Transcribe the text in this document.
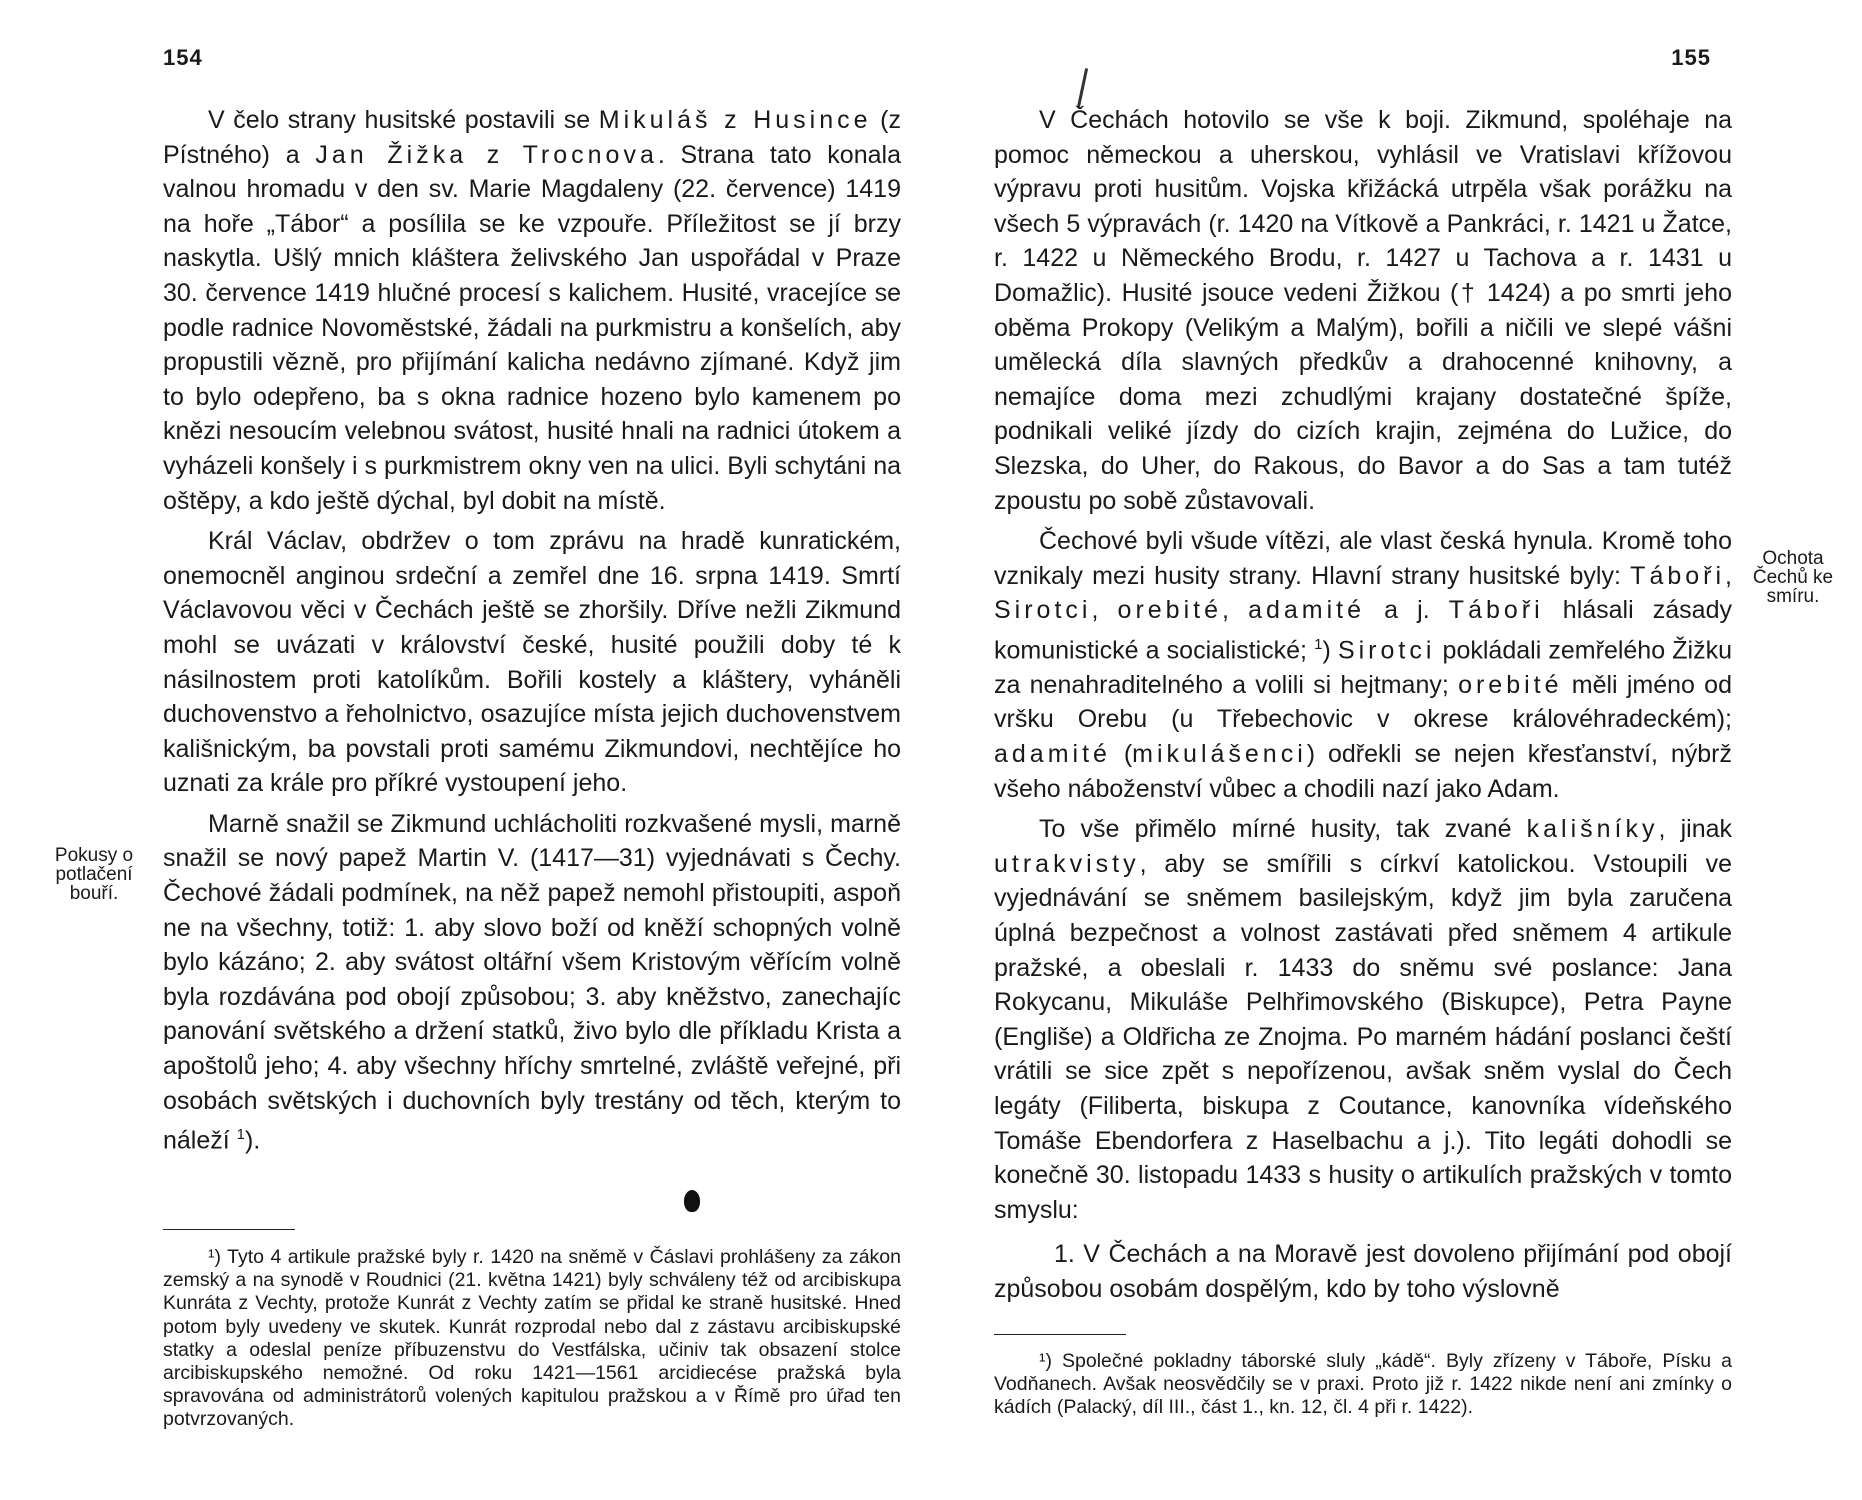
154

V čelo strany husitské postavili se Mikuláš z Husince (z Pístného) a Jan Žižka z Trocnova. Strana tato konala valnou hromadu v den sv. Marie Magdaleny (22. července) 1419 na hoře „Tábor“ a posílila se ke vzpouře. Příležitost se jí brzy naskytla. Ušlý mnich kláštera želivského Jan uspořádal v Praze 30. července 1419 hlučné procesí s kalichem. Husité, vracejíce se podle radnice Novoměstské, žádali na purkmistru a konšelích, aby propustili vězně, pro přijímání kalicha nedávno zjímané. Když jim to bylo odepřeno, ba s okna radnice hozeno bylo kamenem po knězi nesoucím velebnou svátost, husité hnali na radnici útokem a vyházeli konšely i s purkmistrem okny ven na ulici. Byli schytáni na oštěpy, a kdo ještě dýchal, byl dobit na místě.

Král Václav, obdržev o tom zprávu na hradě kunratickém, onemocněl anginou srdeční a zemřel dne 16. srpna 1419. Smrtí Václavovou věci v Čechách ještě se zhoršily. Dříve nežli Zikmund mohl se uvázati v království české, husité použili doby té k násilnostem proti katolíkům. Bořili kostely a kláštery, vyháněli duchovenstvo a řeholnictvo, osazujíce místa jejich duchovenstvem kališnickým, ba povstali proti samému Zikmundovi, nechtějíce ho uznati za krále pro příkré vystoupení jeho.

Marně snažil se Zikmund uchlácholiti rozkvašené mysli, marně snažil se nový papež Martin V. (1417—31) vyjednávati s Čechy. Čechové žádali podmínek, na něž papež nemohl přistoupiti, aspoň ne na všechny, totiž: 1. aby slovo boží od kněží schopných volně bylo kázáno; 2. aby svátost oltářní všem Kristovým věřícím volně byla rozdávána pod obojí způsobou; 3. aby kněžstvo, zanechajíc panování světského a držení statků, živo bylo dle příkladu Krista a apoštolů jeho; 4. aby všechny hříchy smrtelné, zvláště veřejné, při osobách světských i duchovních byly trestány od těch, kterým to náleží $^1$).

Pokusy o potlačení bouří.

¹) Tyto 4 artikule pražské byly r. 1420 na sněmě v Čáslavi prohlášeny za zákon zemský a na synodě v Roudnici (21. května 1421) byly schváleny též od arcibiskupa Kunráta z Vechty, protože Kunrát z Vechty zatím se přidal ke straně husitské. Hned potom byly uvedeny ve skutek. Kunrát rozprodal nebo dal z zástavu arcibiskupské statky a odeslal peníze příbuzenstvu do Vestfálska, učiniv tak obsazení stolce arcibiskupského nemožné. Od roku 1421—1561 arcidiecése pražská byla spravována od administrátorů volených kapitulou pražskou a v Římě pro úřad ten potvrzovaných.

155

V Čechách hotovilo se vše k boji. Zikmund, spoléhaje na pomoc německou a uherskou, vyhlásil ve Vratislavi křížovou výpravu proti husitům. Vojska křižácká utrpěla však porážku na všech 5 výpravách (r. 1420 na Vítkově a Pankráci, r. 1421 u Žatce, r. 1422 u Německého Brodu, r. 1427 u Tachova a r. 1431 u Domažlic). Husité jsouce vedeni Žižkou († 1424) a po smrti jeho oběma Prokopy (Velikým a Malým), bořili a ničili ve slepé vášni umělecká díla slavných předkův a drahocenné knihovny, a nemajíce doma mezi zchudlými krajany dostatečné špíže, podnikali veliké jízdy do cizích krajin, zejména do Lužice, do Slezska, do Uher, do Rakous, do Bavor a do Sas a tam tutéž zpoustu po sobě zůstavovali.

Čechové byli všude vítězi, ale vlast česká hynula. Kromě toho vznikaly mezi husity strany. Hlavní strany husitské byly: Táboři, Sirotci, orebité, adamité a j. Táboři hlásali zásady komunistické a socialistické; $^1$) Sirotci pokládali zemřelého Žižku za nenahraditelného a volili si hejtmany; orebité měli jméno od vršku Orebu (u Třebechovic v okrese královéhradeckém); adamité (mikulášenci) odřekli se nejen křesťanství, nýbrž všeho náboženství vůbec a chodili nazí jako Adam.

To vše přimělo mírné husity, tak zvané kališníky, jinak utrakvisty, aby se smířili s církví katolickou. Vstoupili ve vyjednávání se sněmem basilejským, když jim byla zaručena úplná bezpečnost a volnost zastávati před sněmem 4 artikule pražské, a obeslali r. 1433 do sněmu své poslance: Jana Rokycanu, Mikuláše Pelhřimovského (Biskupce), Petra Payne (Engliše) a Oldřicha ze Znojma. Po marném hádání poslanci čeští vrátili se sice zpět s nepořízenou, avšak sněm vyslal do Čech legáty (Filiberta, biskupa z Coutance, kanovníka vídeňského Tomáše Ebendorfera z Haselbachu a j.). Tito legáti dohodli se konečně 30. listopadu 1433 s husity o artikulích pražských v tomto smyslu:

1. V Čechách a na Moravě jest dovoleno přijímání pod obojí způsobou osobám dospělým, kdo by toho výslovně

Ochota Čechů ke smíru.

¹) Společné pokladny táborské sluly „kádě“. Byly zřízeny v Táboře, Písku a Vodňanech. Avšak neosvědčily se v praxi. Proto již r. 1422 nikde není ani zmínky o kádích (Palacký, díl III., část 1., kn. 12, čl. 4 při r. 1422).
